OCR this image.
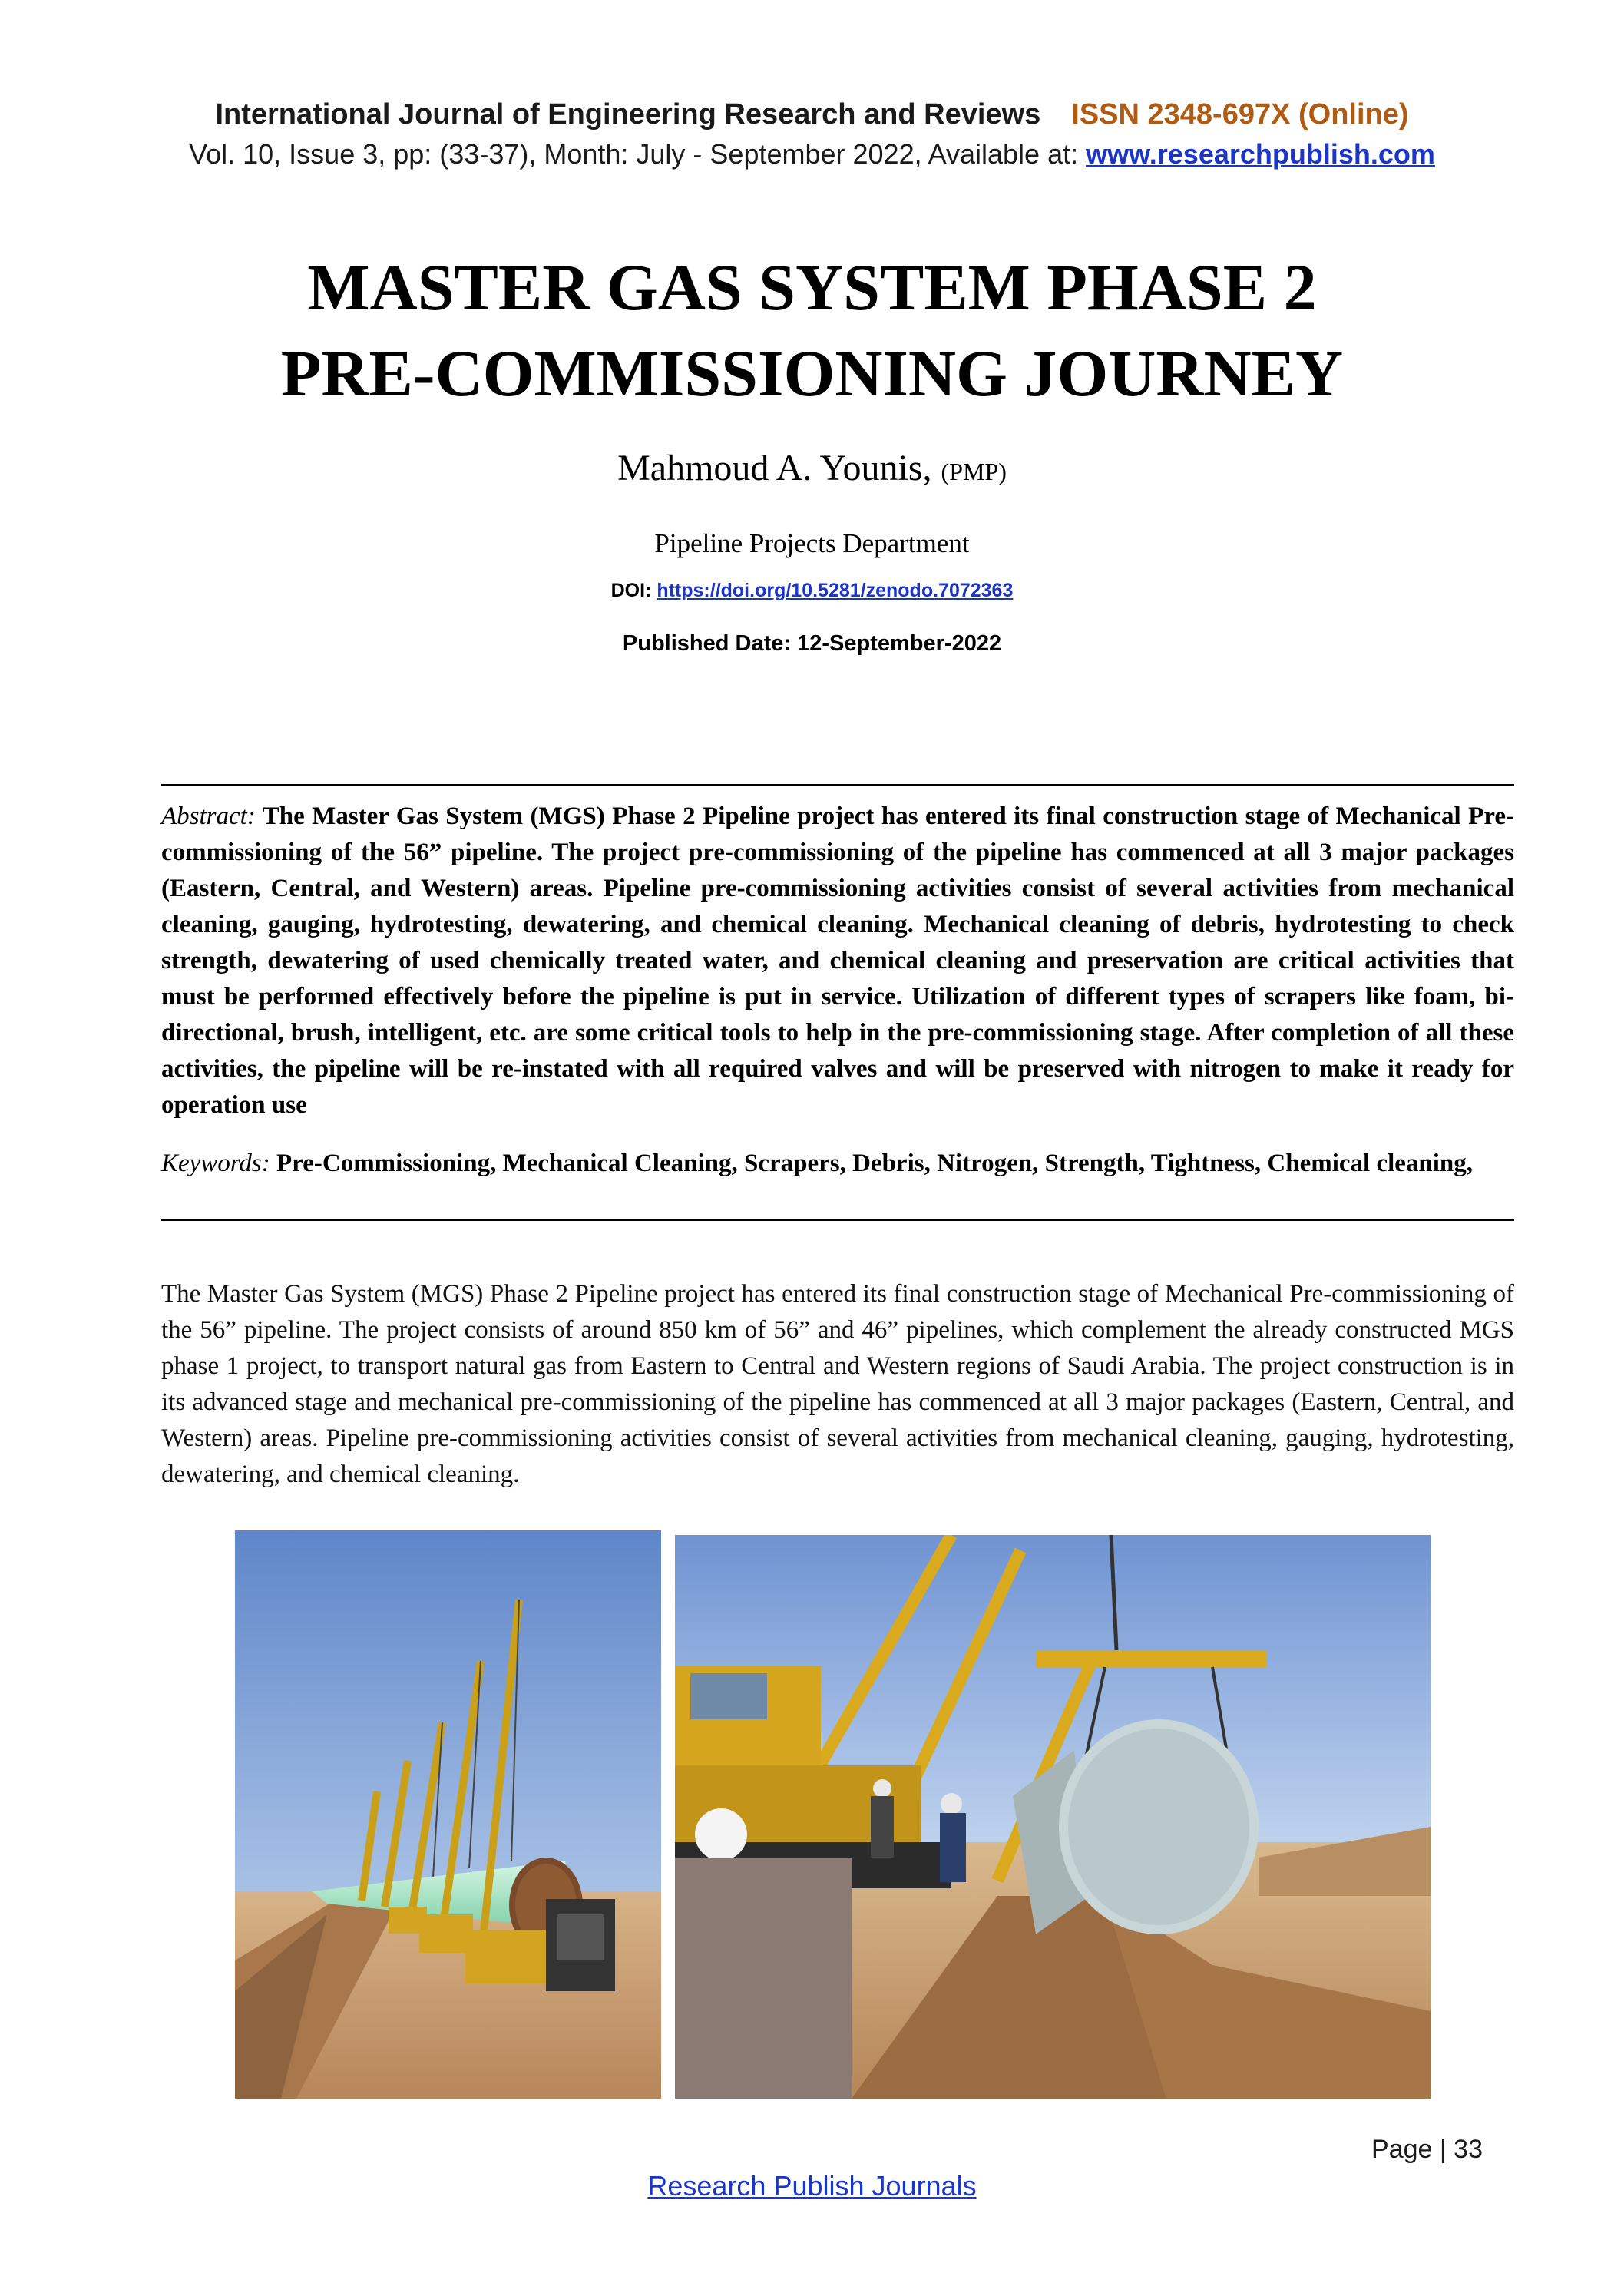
International Journal of Engineering Research and Reviews ISSN 2348-697X (Online)
Vol. 10, Issue 3, pp: (33-37), Month: July - September 2022, Available at: www.researchpublish.com
MASTER GAS SYSTEM PHASE 2
PRE-COMMISSIONING JOURNEY
Mahmoud A. Younis, (PMP)
Pipeline Projects Department
DOI: https://doi.org/10.5281/zenodo.7072363
Published Date: 12-September-2022
Abstract: The Master Gas System (MGS) Phase 2 Pipeline project has entered its final construction stage of Mechanical Pre-commissioning of the 56” pipeline. The project pre-commissioning of the pipeline has commenced at all 3 major packages (Eastern, Central, and Western) areas. Pipeline pre-commissioning activities consist of several activities from mechanical cleaning, gauging, hydrotesting, dewatering, and chemical cleaning. Mechanical cleaning of debris, hydrotesting to check strength, dewatering of used chemically treated water, and chemical cleaning and preservation are critical activities that must be performed effectively before the pipeline is put in service. Utilization of different types of scrapers like foam, bi-directional, brush, intelligent, etc. are some critical tools to help in the pre-commissioning stage. After completion of all these activities, the pipeline will be re-instated with all required valves and will be preserved with nitrogen to make it ready for operation use
Keywords: Pre-Commissioning, Mechanical Cleaning, Scrapers, Debris, Nitrogen, Strength, Tightness, Chemical cleaning,
The Master Gas System (MGS) Phase 2 Pipeline project has entered its final construction stage of Mechanical Pre-commissioning of the 56” pipeline. The project consists of around 850 km of 56” and 46” pipelines, which complement the already constructed MGS phase 1 project, to transport natural gas from Eastern to Central and Western regions of Saudi Arabia. The project construction is in its advanced stage and mechanical pre-commissioning of the pipeline has commenced at all 3 major packages (Eastern, Central, and Western) areas. Pipeline pre-commissioning activities consist of several activities from mechanical cleaning, gauging, hydrotesting, dewatering, and chemical cleaning.
Page | 33
Research Publish Journals
